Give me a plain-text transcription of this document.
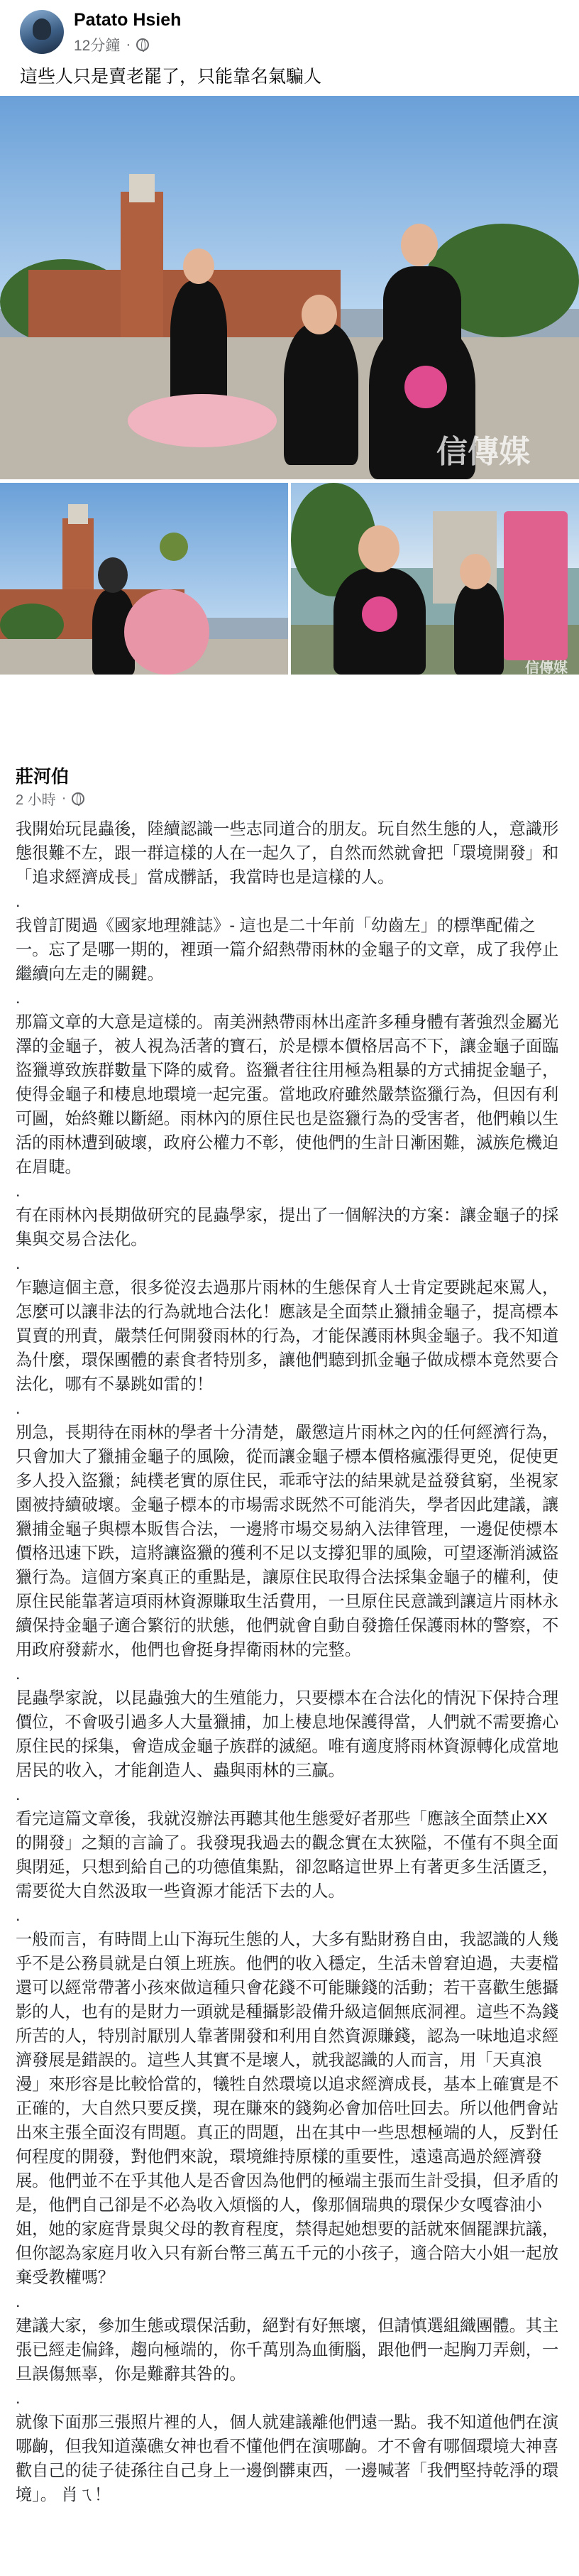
Patato Hsieh
12分鐘 ·
這些人只是賣老罷了，只能靠名氣騙人
信傳媒
信傳媒
莊河伯
2 小時 ·

我開始玩昆蟲後，陸續認識一些志同道合的朋友。玩自然生態的人，意識形態很難不左，跟一群這樣的人在一起久了，自然而然就會把「環境開發」和「追求經濟成長」當成髒話，我當時也是這樣的人。

.

我曾訂閱過《國家地理雜誌》- 這也是二十年前「幼齒左」的標準配備之一。忘了是哪一期的，裡頭一篇介紹熱帶雨林的金龜子的文章，成了我停止繼續向左走的關鍵。

.

那篇文章的大意是這樣的。南美洲熱帶雨林出產許多種身體有著強烈金屬光澤的金龜子，被人視為活著的寶石，於是標本價格居高不下，讓金龜子面臨盜獵導致族群數量下降的威脅。盜獵者往往用極為粗暴的方式捕捉金龜子，使得金龜子和棲息地環境一起完蛋。當地政府雖然嚴禁盜獵行為，但因有利可圖，始終難以斷絕。雨林內的原住民也是盜獵行為的受害者，他們賴以生活的雨林遭到破壞，政府公權力不彰，使他們的生計日漸困難，滅族危機迫在眉睫。

.

有在雨林內長期做研究的昆蟲學家，提出了一個解決的方案：讓金龜子的採集與交易合法化。

.

乍聽這個主意，很多從沒去過那片雨林的生態保育人士肯定要跳起來罵人，怎麼可以讓非法的行為就地合法化！應該是全面禁止獵捕金龜子，提高標本買賣的刑責，嚴禁任何開發雨林的行為，才能保護雨林與金龜子。我不知道為什麼，環保團體的素食者特別多，讓他們聽到抓金龜子做成標本竟然要合法化，哪有不暴跳如雷的！

.

別急，長期待在雨林的學者十分清楚，嚴懲這片雨林之內的任何經濟行為，只會加大了獵捕金龜子的風險，從而讓金龜子標本價格瘋漲得更兇，促使更多人投入盜獵；純樸老實的原住民，乖乖守法的結果就是益發貧窮，坐視家園被持續破壞。金龜子標本的市場需求既然不可能消失，學者因此建議，讓獵捕金龜子與標本販售合法，一邊將市場交易納入法律管理，一邊促使標本價格迅速下跌，這將讓盜獵的獲利不足以支撐犯罪的風險，可望逐漸消滅盜獵行為。這個方案真正的重點是，讓原住民取得合法採集金龜子的權利，使原住民能靠著這項雨林資源賺取生活費用，一旦原住民意識到讓這片雨林永續保持金龜子適合繁衍的狀態，他們就會自動自發擔任保護雨林的警察，不用政府發薪水，他們也會挺身捍衛雨林的完整。

.

昆蟲學家說，以昆蟲強大的生殖能力，只要標本在合法化的情況下保持合理價位，不會吸引過多人大量獵捕，加上棲息地保護得當，人們就不需要擔心原住民的採集，會造成金龜子族群的滅絕。唯有適度將雨林資源轉化成當地居民的收入，才能創造人、蟲與雨林的三贏。

.

看完這篇文章後，我就沒辦法再聽其他生態愛好者那些「應該全面禁止XX的開發」之類的言論了。我發現我過去的觀念實在太狹隘，不僅有不與全面與閉延，只想到給自己的功德值集點，卻忽略這世界上有著更多生活匱乏，需要從大自然汲取一些資源才能活下去的人。

.

一般而言，有時間上山下海玩生態的人，大多有點財務自由，我認識的人幾乎不是公務員就是白領上班族。他們的收入穩定，生活未曾窘迫過，夫妻檔還可以經常帶著小孩來做這種只會花錢不可能賺錢的活動；若干喜歡生態攝影的人，也有的是財力一頭就是種攝影設備升級這個無底洞裡。這些不為錢所苦的人，特別討厭別人靠著開發和利用自然資源賺錢，認為一味地追求經濟發展是錯誤的。這些人其實不是壞人，就我認識的人而言，用「天真浪漫」來形容是比較恰當的，犧牲自然環境以追求經濟成長，基本上確實是不正確的，大自然只要反撲，現在賺來的錢夠必會加倍吐回去。所以他們會站出來主張全面沒有問題。真正的問題，出在其中一些思想極端的人，反對任何程度的開發，對他們來說，環境維持原樣的重要性，遠遠高過於經濟發展。他們並不在乎其他人是否會因為他們的極端主張而生計受損，但矛盾的是，他們自己卻是不必為收入煩惱的人，像那個瑞典的環保少女嘎睿油小姐，她的家庭背景與父母的教育程度，禁得起她想要的話就來個罷課抗議，但你認為家庭月收入只有新台幣三萬五千元的小孩子，適合陪大小姐一起放棄受教權嗎？

.

建議大家，參加生態或環保活動，絕對有好無壞，但請慎選組織團體。其主張已經走偏鋒，趨向極端的，你千萬別為血衝腦，跟他們一起胸刀弄劍，一旦誤傷無辜，你是難辭其咎的。

.

就像下面那三張照片裡的人，個人就建議離他們遠一點。我不知道他們在演哪齣，但我知道藻礁女神也看不懂他們在演哪齣。才不會有哪個環境大神喜歡自己的徒子徒孫往自己身上一邊倒髒東西，一邊喊著「我們堅持乾淨的環境」。 肖ㄟ！
